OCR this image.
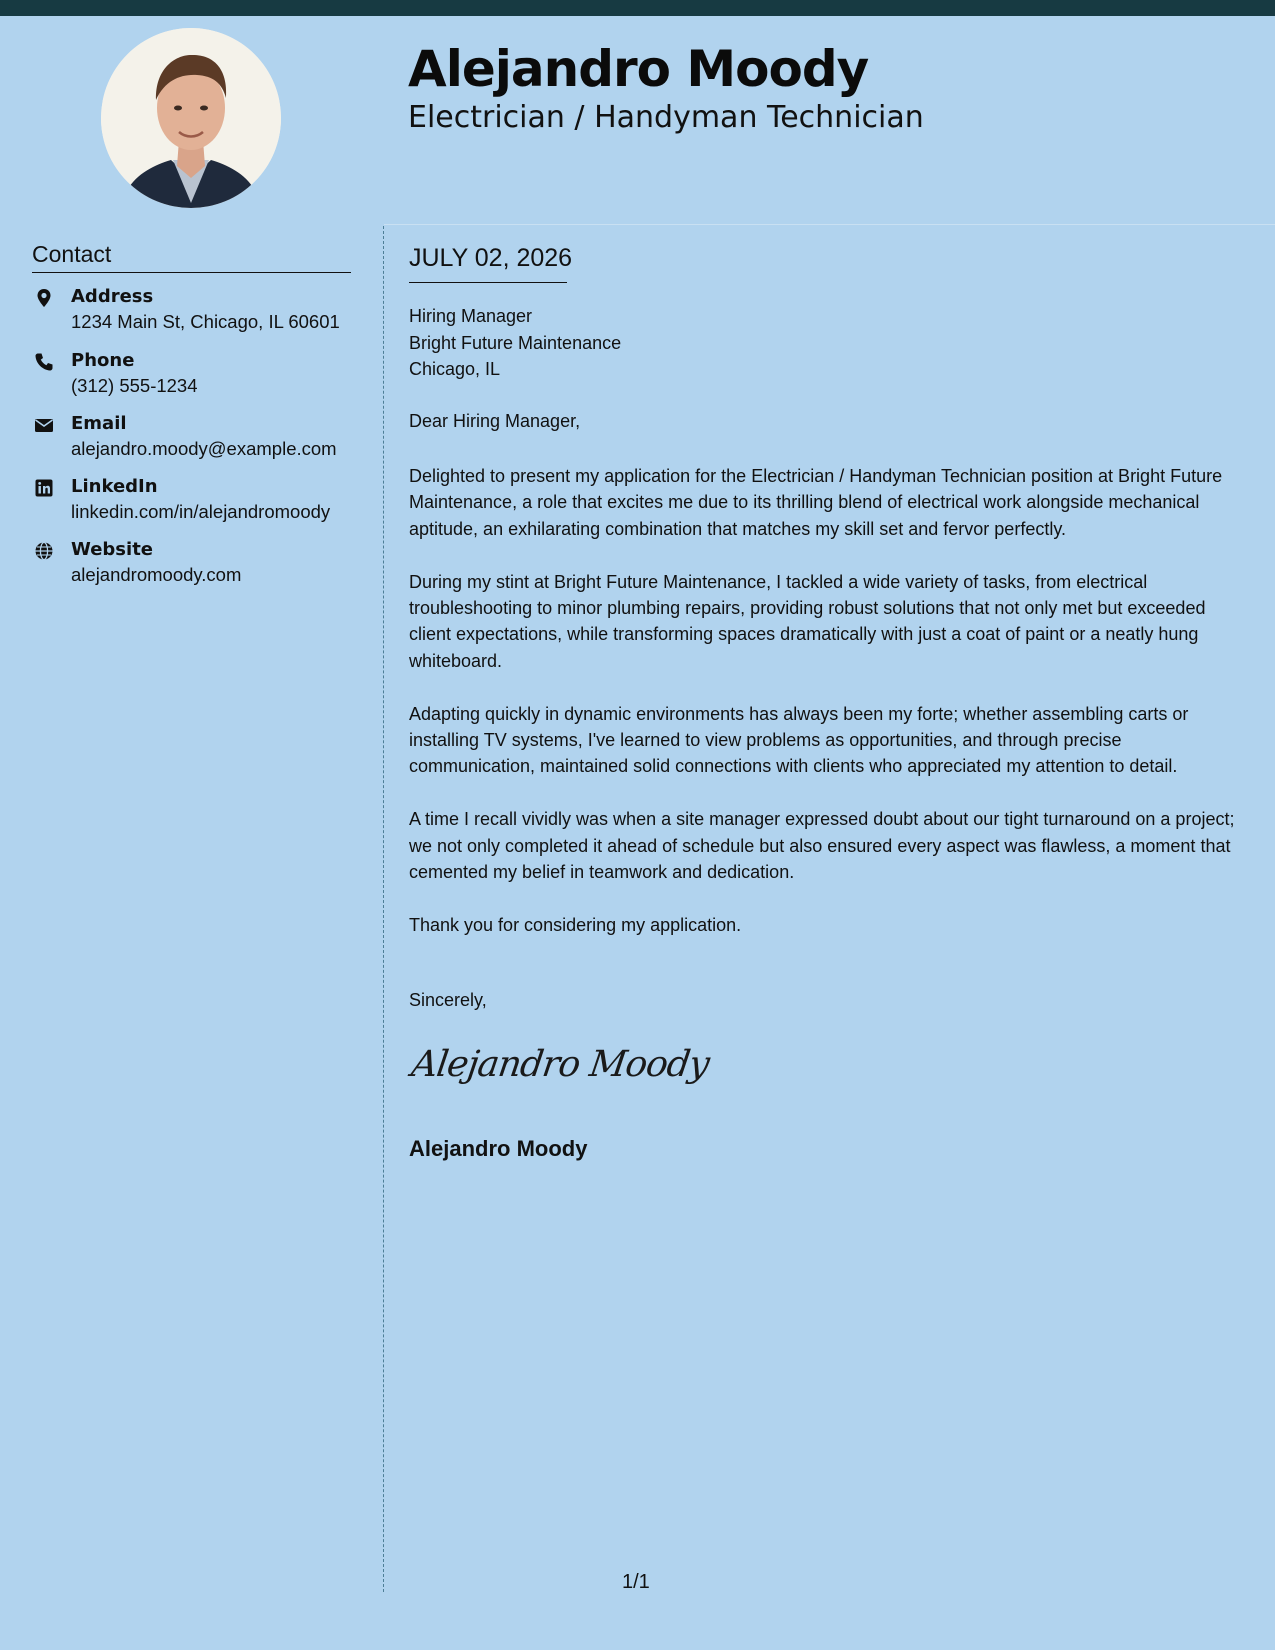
Alejandro Moody
Electrician / Handyman Technician
Contact
Address
1234 Main St, Chicago, IL 60601
Phone
(312) 555-1234
Email
alejandro.moody@example.com
LinkedIn
linkedin.com/in/alejandromoody
Website
alejandromoody.com
JULY 02, 2026
Hiring Manager
Bright Future Maintenance
Chicago, IL
Dear Hiring Manager,

Delighted to present my application for the Electrician / Handyman Technician position at Bright Future Maintenance, a role that excites me due to its thrilling blend of electrical work alongside mechanical aptitude, an exhilarating combination that matches my skill set and fervor perfectly.

During my stint at Bright Future Maintenance, I tackled a wide variety of tasks, from electrical troubleshooting to minor plumbing repairs, providing robust solutions that not only met but exceeded client expectations, while transforming spaces dramatically with just a coat of paint or a neatly hung whiteboard.

Adapting quickly in dynamic environments has always been my forte; whether assembling carts or installing TV systems, I've learned to view problems as opportunities, and through precise communication, maintained solid connections with clients who appreciated my attention to detail.

A time I recall vividly was when a site manager expressed doubt about our tight turnaround on a project; we not only completed it ahead of schedule but also ensured every aspect was flawless, a moment that cemented my belief in teamwork and dedication.

Thank you for considering my application.

Sincerely,
Alejandro Moody
Alejandro Moody
1/1
